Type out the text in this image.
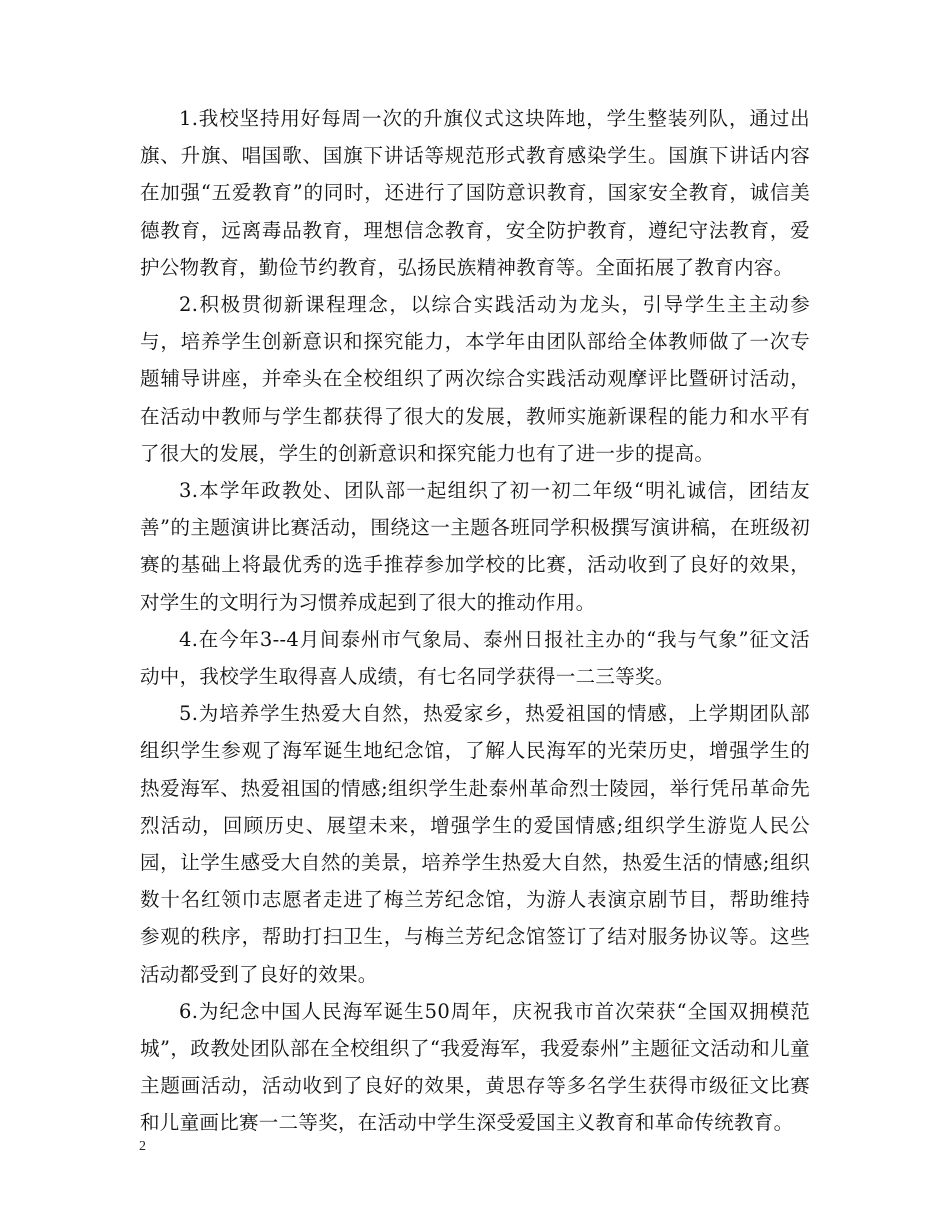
1.我校坚持用好每周一次的升旗仪式这块阵地，学生整装列队，通过出旗、升旗、唱国歌、国旗下讲话等规范形式教育感染学生。国旗下讲话内容在加强“五爱教育”的同时，还进行了国防意识教育，国家安全教育，诚信美德教育，远离毒品教育，理想信念教育，安全防护教育，遵纪守法教育，爱护公物教育，勤俭节约教育，弘扬民族精神教育等。全面拓展了教育内容。

2.积极贯彻新课程理念，以综合实践活动为龙头，引导学生主主动参与，培养学生创新意识和探究能力，本学年由团队部给全体教师做了一次专题辅导讲座，并牵头在全校组织了两次综合实践活动观摩评比暨研讨活动，在活动中教师与学生都获得了很大的发展，教师实施新课程的能力和水平有了很大的发展，学生的创新意识和探究能力也有了进一步的提高。

3.本学年政教处、团队部一起组织了初一初二年级“明礼诚信，团结友善”的主题演讲比赛活动，围绕这一主题各班同学积极撰写演讲稿，在班级初赛的基础上将最优秀的选手推荐参加学校的比赛，活动收到了良好的效果，对学生的文明行为习惯养成起到了很大的推动作用。

4.在今年3--4月间泰州市气象局、泰州日报社主办的“我与气象”征文活动中，我校学生取得喜人成绩，有七名同学获得一二三等奖。

5.为培养学生热爱大自然，热爱家乡，热爱祖国的情感，上学期团队部组织学生参观了海军诞生地纪念馆，了解人民海军的光荣历史，增强学生的热爱海军、热爱祖国的情感;组织学生赴泰州革命烈士陵园，举行凭吊革命先烈活动，回顾历史、展望未来，增强学生的爱国情感;组织学生游览人民公园，让学生感受大自然的美景，培养学生热爱大自然，热爱生活的情感;组织数十名红领巾志愿者走进了梅兰芳纪念馆，为游人表演京剧节目，帮助维持参观的秩序，帮助打扫卫生，与梅兰芳纪念馆签订了结对服务协议等。这些活动都受到了良好的效果。

6.为纪念中国人民海军诞生50周年，庆祝我市首次荣获“全国双拥模范城”，政教处团队部在全校组织了“我爱海军，我爱泰州”主题征文活动和儿童主题画活动，活动收到了良好的效果，黄思存等多名学生获得市级征文比赛和儿童画比赛一二等奖，在活动中学生深受爱国主义教育和革命传统教育。

2
